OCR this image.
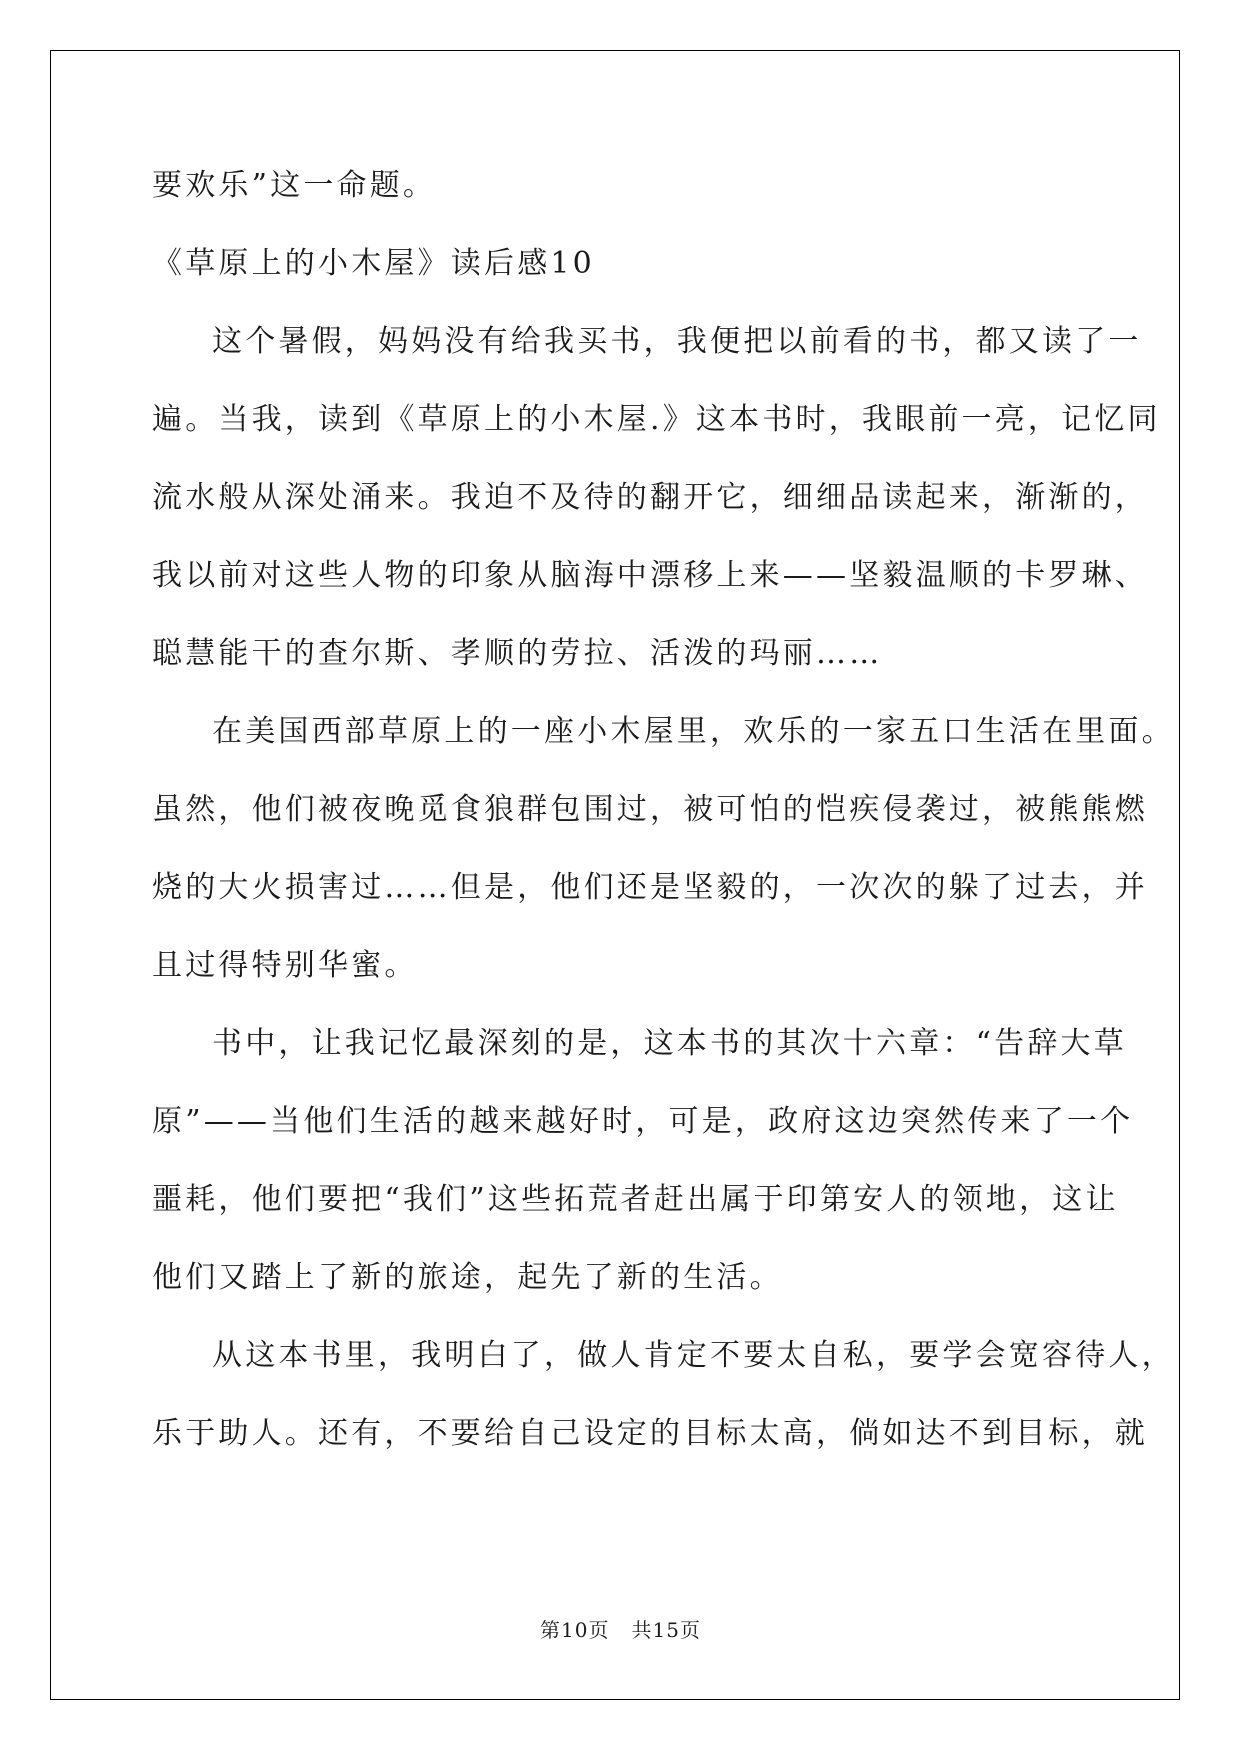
要欢乐”这一命题。
《草原上的小木屋》读后感10
这个暑假，妈妈没有给我买书，我便把以前看的书，都又读了一
遍。当我，读到《草原上的小木屋.》这本书时，我眼前一亮，记忆同
流水般从深处涌来。我迫不及待的翻开它，细细品读起来，渐渐的，
我以前对这些人物的印象从脑海中漂移上来——坚毅温顺的卡罗琳、
聪慧能干的查尔斯、孝顺的劳拉、活泼的玛丽……
在美国西部草原上的一座小木屋里，欢乐的一家五口生活在里面。
虽然，他们被夜晚觅食狼群包围过，被可怕的恺疾侵袭过，被熊熊燃
烧的大火损害过……但是，他们还是坚毅的，一次次的躲了过去，并
且过得特别华蜜。
书中，让我记忆最深刻的是，这本书的其次十六章：“告辞大草
原”——当他们生活的越来越好时，可是，政府这边突然传来了一个
噩耗，他们要把“我们”这些拓荒者赶出属于印第安人的领地，这让
他们又踏上了新的旅途，起先了新的生活。
从这本书里，我明白了，做人肯定不要太自私，要学会宽容待人，
乐于助人。还有，不要给自己设定的目标太高，倘如达不到目标，就
第10页 共15页
